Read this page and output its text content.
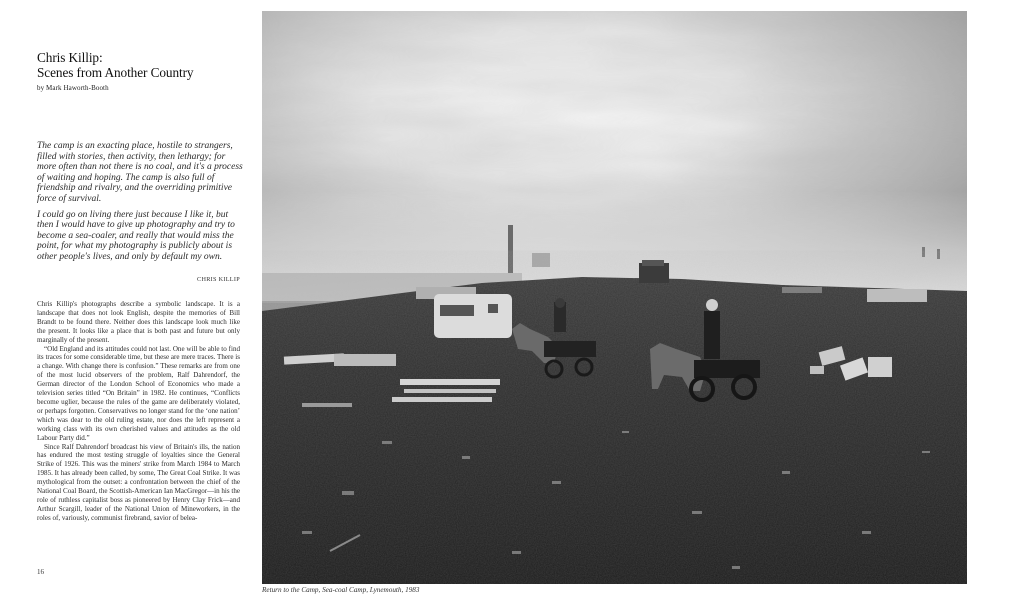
Chris Killip:
Scenes from Another Country
by Mark Haworth-Booth

The camp is an exacting place, hostile to strangers, filled with stories, then activity, then lethargy; for more often than not there is no coal, and it's a process of waiting and hoping. The camp is also full of friendship and rivalry, and the overriding primitive force of survival.

I could go on living there just because I like it, but then I would have to give up photography and try to become a sea-coaler, and really that would miss the point, for what my photography is publicly about is other people's lives, and only by default my own.

CHRIS KILLIP

Chris Killip's photographs describe a symbolic landscape. It is a landscape that does not look English, despite the memories of Bill Brandt to be found there. Neither does this landscape look much like the present. It looks like a place that is both past and future but only marginally of the present.

“Old England and its attitudes could not last. One will be able to find its traces for some considerable time, but these are mere traces. There is a change. With change there is confusion.” These remarks are from one of the most lucid observers of the problem, Ralf Dahrendorf, the German director of the London School of Economics who made a television series titled “On Britain” in 1982. He continues, “Conflicts become uglier, because the rules of the game are deliberately violated, or perhaps forgotten. Conservatives no longer stand for the ‘one nation’ which was dear to the old ruling estate, nor does the left represent a working class with its own cherished values and attitudes as the old Labour Party did.”

Since Ralf Dahrendorf broadcast his view of Britain's ills, the nation has endured the most testing struggle of loyalties since the General Strike of 1926. This was the miners' strike from March 1984 to March 1985. It has already been called, by some, The Great Coal Strike. It was mythological from the outset: a confrontation between the chief of the National Coal Board, the Scottish-American Ian MacGregor—in his the role of ruthless capitalist boss as pioneered by Henry Clay Frick—and Arthur Scargill, leader of the National Union of Mineworkers, in the roles of, variously, communist firebrand, savior of belea-

16
Return to the Camp, Sea-coal Camp, Lynemouth, 1983
